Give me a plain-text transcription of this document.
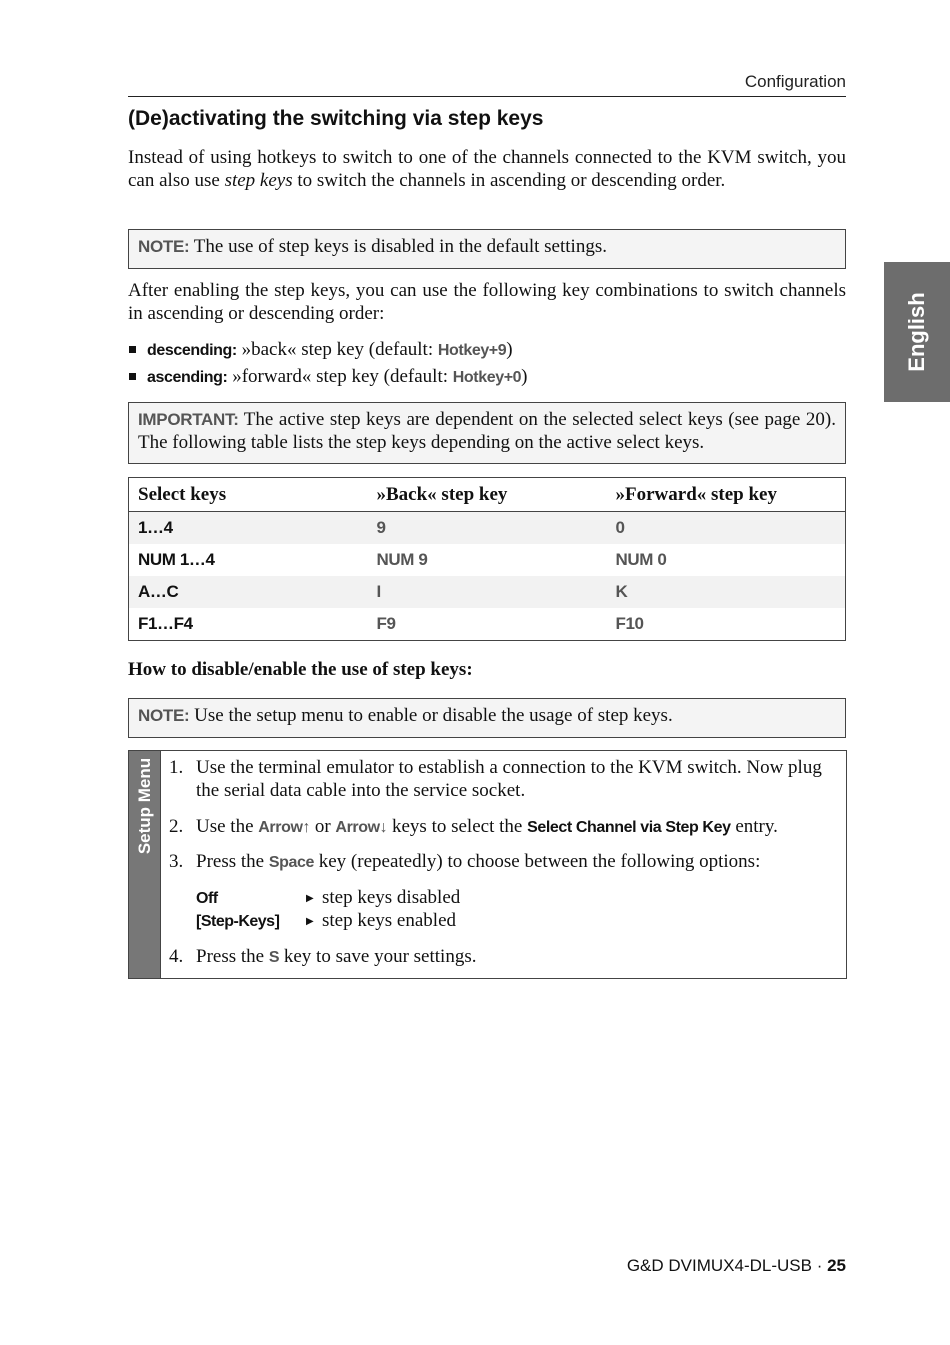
Configuration
English
(De)activating the switching via step keys

Instead of using hotkeys to switch to one of the channels connected to the KVM switch, you can also use step keys to switch the channels in ascending or descending order.

NOTE: The use of step keys is disabled in the default settings.

After enabling the step keys, you can use the following key combinations to switch channels in ascending or descending order:

descending: »back« step key (default: Hotkey+9)
ascending: »forward« step key (default: Hotkey+0)
IMPORTANT: The active step keys are dependent on the selected select keys (see page 20). The following table lists the step keys depending on the active select keys.
Select keys	»Back« step key	»Forward« step key
1…4	9	0
NUM 1…4	NUM 9	NUM 0
A…C	I	K
F1…F4	F9	F10

How to disable/enable the use of step keys:

NOTE: Use the setup menu to enable or disable the usage of step keys.
Setup Menu 1. Use the terminal emulator to establish a connection to the KVM switch. Now plug the serial data cable into the service socket.
2. Use the Arrow↑ or Arrow↓ keys to select the Select Channel via Step Key entry.
3. Press the Space key (repeatedly) to choose between the following options:
Off	▶ step keys disabled
[Step-Keys]	▶ step keys enabled
4. Press the S key to save your settings.
G&D DVIMUX4-DL-USB · 25
